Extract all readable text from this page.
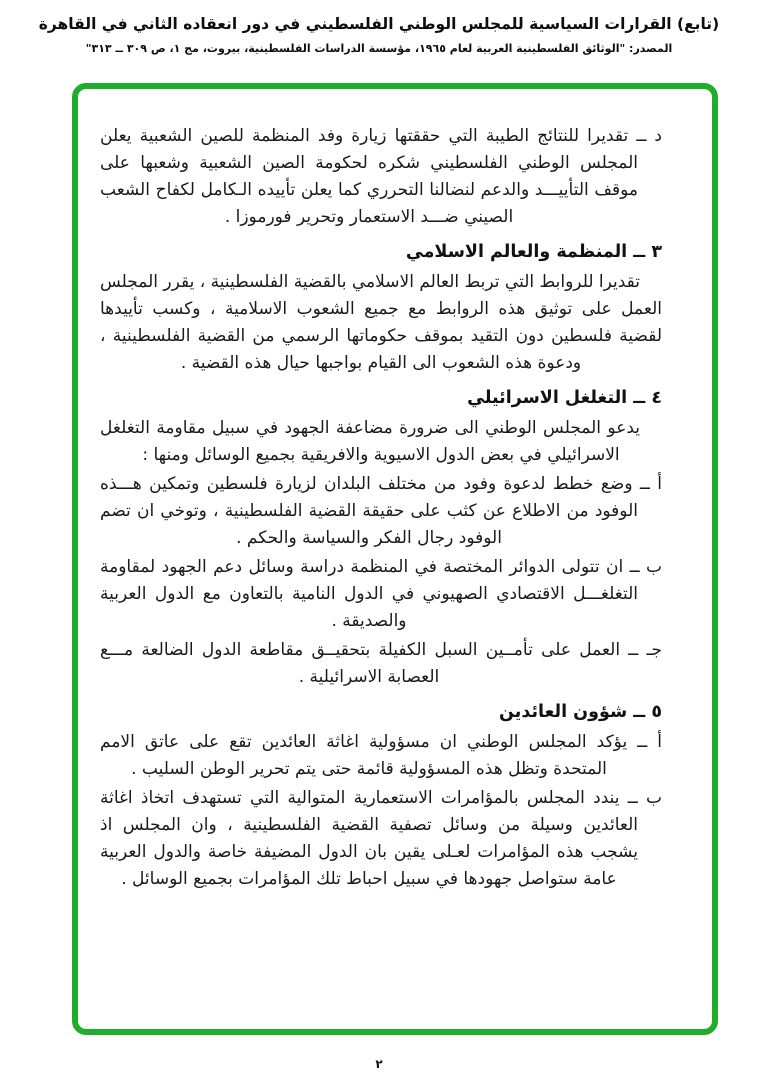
(تابع) القرارات السياسية للمجلس الوطني الفلسطيني في دور انعقاده الثاني في القاهرة
المصدر: "الوثائق الفلسطينية العربية لعام ١٩٦٥، مؤسسة الدراسات الفلسطينية، بيروت، مج ١، ص ٣٠٩ ــ ٣١٣"

د ــ تقديرا للنتائج الطيبة التي حققتها زيارة وفد المنظمة للصين الشعبية يعلن المجلس الوطني الفلسطيني شكره لحكومة الصين الشعبية وشعبها على موقف التأييـــد والدعم لنضالنا التحرري كما يعلن تأييده الـكامل لكفاح الشعب الصيني ضـــد الاستعمار وتحرير فورموزا .

٣ ــ المنظمة والعالم الاسلامي

تقديرا للروابط التي تربط العالم الاسلامي بالقضية الفلسطينية ، يقرر المجلس العمل على توثيق هذه الروابط مع جميع الشعوب الاسلامية ، وكسب تأييدها لقضية فلسطين دون التقيد بموقف حكوماتها الرسمي من القضية الفلسطينية ، ودعوة هذه الشعوب الى القيام بواجبها حيال هذه القضية .

٤ ــ التغلغل الاسرائيلي

يدعو المجلس الوطني الى ضرورة مضاعفة الجهود في سبيل مقاومة التغلغل الاسرائيلي في بعض الدول الاسيوية والافريقية بجميع الوسائل ومنها :

أ ــ وضع خطط لدعوة وفود من مختلف البلدان لزيارة فلسطين وتمكين هـــذه الوفود من الاطلاع عن كثب على حقيقة القضية الفلسطينية ، وتوخي ان تضم الوفود رجال الفكر والسياسة والحكم .

ب ــ ان تتولى الدوائر المختصة في المنظمة دراسة وسائل دعم الجهود لمقاومة التغلغـــل الاقتصادي الصهيوني في الدول النامية بالتعاون مع الدول العربية والصديقة .

جـ ــ العمل على تأمــين السبل الكفيلة بتحقيــق مقاطعة الدول الضالعة مـــع العصابة الاسرائيلية .

٥ ــ شؤون العائدين

أ ــ يؤكد المجلس الوطني ان مسؤولية اغاثة العائدين تقع على عاتق الامم المتحدة وتظل هذه المسؤولية قائمة حتى يتم تحرير الوطن السليب .

ب ــ يندد المجلس بالمؤامرات الاستعمارية المتوالية التي تستهدف اتخاذ اغاثة العائدين وسيلة من وسائل تصفية القضية الفلسطينية ، وان المجلس اذ يشجب هذه المؤامرات لعـلى يقين بان الدول المضيفة خاصة والدول العربية عامة ستواصل جهودها في سبيل احباط تلك المؤامرات بجميع الوسائل .

٢
